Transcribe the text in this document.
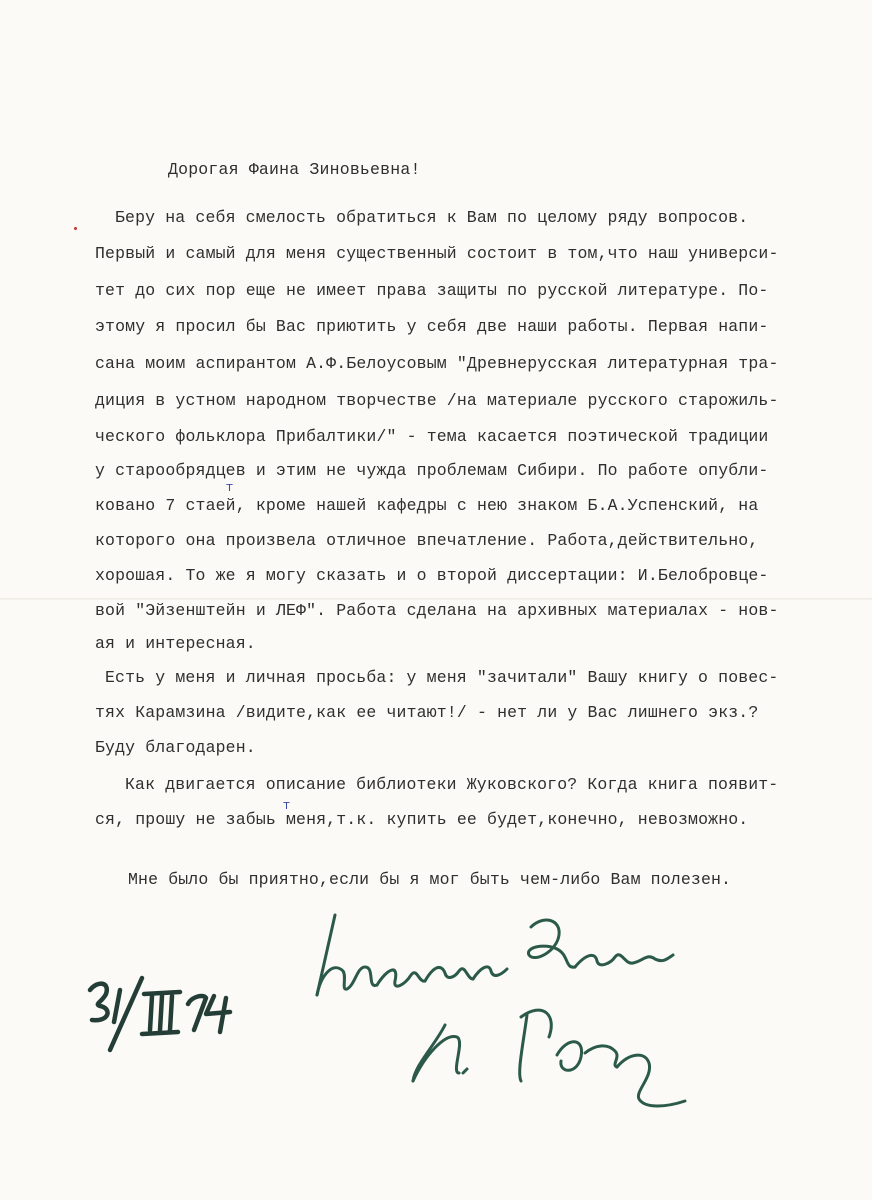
Дорогая Фаина Зиновьевна!
Беру на себя смелость обратиться к Вам по целому ряду вопросов.
Первый и самый для меня существенный состоит в том,что наш универси-
тет до сих пор еще не имеет права защиты по русской литературе. По-
этому я просил бы Вас приютить у себя две наши работы. Первая напи-
сана моим аспирантом А.Ф.Белоусовым "Древнерусская литературная тра-
диция в устном народном творчестве /на материале русского старожиль-
ческого фольклора Прибалтики/" - тема касается поэтической традиции
у старообрядцев и этим не чужда проблемам Сибири. По работе опубли-
ковано 7 стаей, кроме нашей кафедры с нею знаком Б.А.Успенский, на
которого она произвела отличное впечатление. Работа,действительно,
хорошая. То же я могу сказать и о второй диссертации: И.Белобровцe-
вой "Эйзенштейн и ЛЕФ". Работа сделана на архивных материалах - нов-
ая и интересная.
Есть у меня и личная просьба: у меня "зачитали" Вашу книгу о повес-
тях Карамзина /видите,как ее читают!/ - нет ли у Вас лишнего экз.?
Буду благодарен.
Как двигается описание библиотеки Жуковского? Когда книга появит-
ся, прошу не забыь меня,т.к. купить ее будет,конечно, невозможно.
Мне было бы приятно,если бы я мог быть чем-либо Вам полезен.
т
т
